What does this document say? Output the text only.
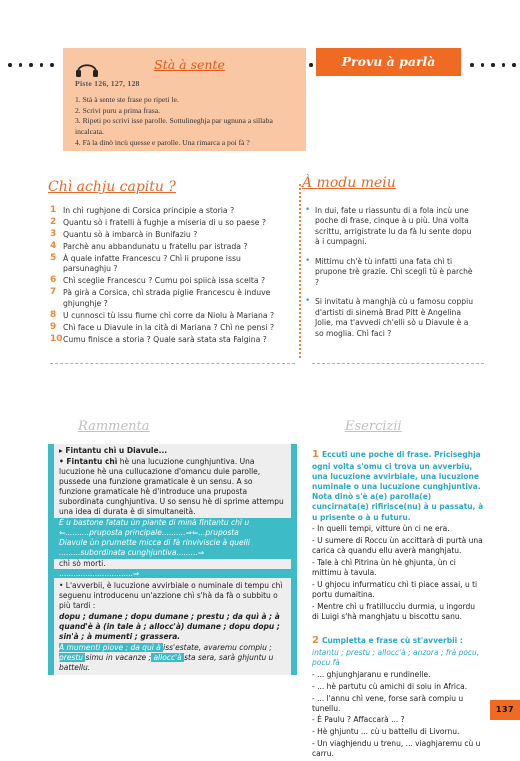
Stà à sente
Piste 126, 127, 128
1. Stà à sente ste frase po ripeti le.
2. Scrivi puru a prima frasa.
3. Ripeti po scrivi isse parolle. Sottulineghja par ugnuna a sillaba incalcata.
4. Fà la dinò incù quesse e parolle. Una rimarca a poi fà ?
Provu à parlà
Chì achju capitu ?
1 In chì rughjone di Corsica principie a storia ?
2 Quantu sò i fratelli à fughje a miseria di u so paese ?
3 Quantu sò à imbarcà in Bunifaziu ?
4 Parchè anu abbandunatu u fratellu par istrada ?
5 À quale infatte Francescu ? Chì li prupone issu parsunaghju ?
6 Chì sceglie Francescu ? Cumu poi spiicà issa scelta ?
7 Pà girà a Corsica, chì strada piglie Francescu è induve ghjunghje ?
8 U cunnosci tù issu fiume chì corre da Niolu à Mariana ?
9 Chì face u Diavule in la cità di Mariana ? Chì ne pensi ?
10 Cumu finisce a storia ? Quale sarà stata sta Falgina ?
À modu meiu
• In dui, fate u riassuntu di a fola incù une poche di frase, cinque à u più. Una volta scrittu, arrigistrate lu da fà lu sente dopu à i cumpagni.
• Mittimu ch'è tù infatti una fata chì ti prupone trè grazie. Chì sceglì tù è parchè ?
• Si invitatu à manghjà cù u famosu coppiu d'artisti di sinemà Brad Pitt è Angelina Jolie, ma t'avvedi ch'elli sò u Diavule è a so moglia. Chì faci ?
Rammenta

▸ Fintantu chì u Diavule...

• Fintantu chì hè una lucuzione cunghjuntiva. Una lucuzione hè una cullucazione d'omancu duie parolle, pussede una funzione gramaticale è un sensu. A so funzione gramaticale hè d'introduce una pruposta subordinata cunghjuntiva. U so sensu hè di sprime attempu una idea di durata è di simultaneità.

È u bastone fatatu ùn piante di minà fintantu chì u
⇐..........pruposta principale..........⇒⇐...pruposta
Diavule ùn prumette micca di fà rinviviscie à quelli
.........subordinata cunghjuntiva.........⇒
chì sò morti.
...............................⇒

• L'avverbii, è lucuzione avvirbiale o numinale di tempu chì seguenu introducenu un'azzione chì s'hà da fà o subbitu o più tardi :

dopu ; dumane ; dopu dumane ; prestu ; da quì à ; à quand'è à (in tale à ; allocc'à) dumane ; dopu dopu ; sin'à ; à mumenti ; grassera.

À mumenti piove ; da quì à iss'estate, avaremu compiu ; prestu simu in vacanze ; allocc'à sta sera, sarà ghjuntu u battellu.

Esercizii

1 Eccuti une poche di frase. Priciseghja ogni volta s'omu ci trova un avverbiu, una lucuzione avvirbiale, una lucuzione numinale o una lucuzione cunghjuntiva. Nota dinò s'è a(e) parolla(e) cuncirnata(e) rifirisce(nu) à u passatu, à u prisente o à u futuru.

- In quelli tempi, vitture ùn ci ne era.

- U sumere di Roccu ùn accittarà di purtà una carica cà quandu ellu averà manghjatu.

- Tale à chì Pitrina ùn hè ghjunta, ùn ci mittimu à tavula.

- U ghjocu infurmaticu chì ti piace assai, u ti portu dumaitina.

- Mentre chì u fratilluccìu durmia, u ingordu di Luigi s'hà manghjatu u biscottu sanu.

2 Cumpletta e frase cù st'avverbii : intantu ; prestu ; allocc'à ; anzora ; frà pocu, pocu fà

- ... ghjunghjaranu e rundinelle.

- ... hè partutu cù amichi di soiu in Africa.

- ... l'annu chì vene, forse sarà compiu u tunellu.

- È Paulu ? Affaccarà ... ?

- Hè ghjuntu ... cù u battellu di Livornu.

- Un viaghjendu u trenu, ... viaghjaremu cù u carru.

137
